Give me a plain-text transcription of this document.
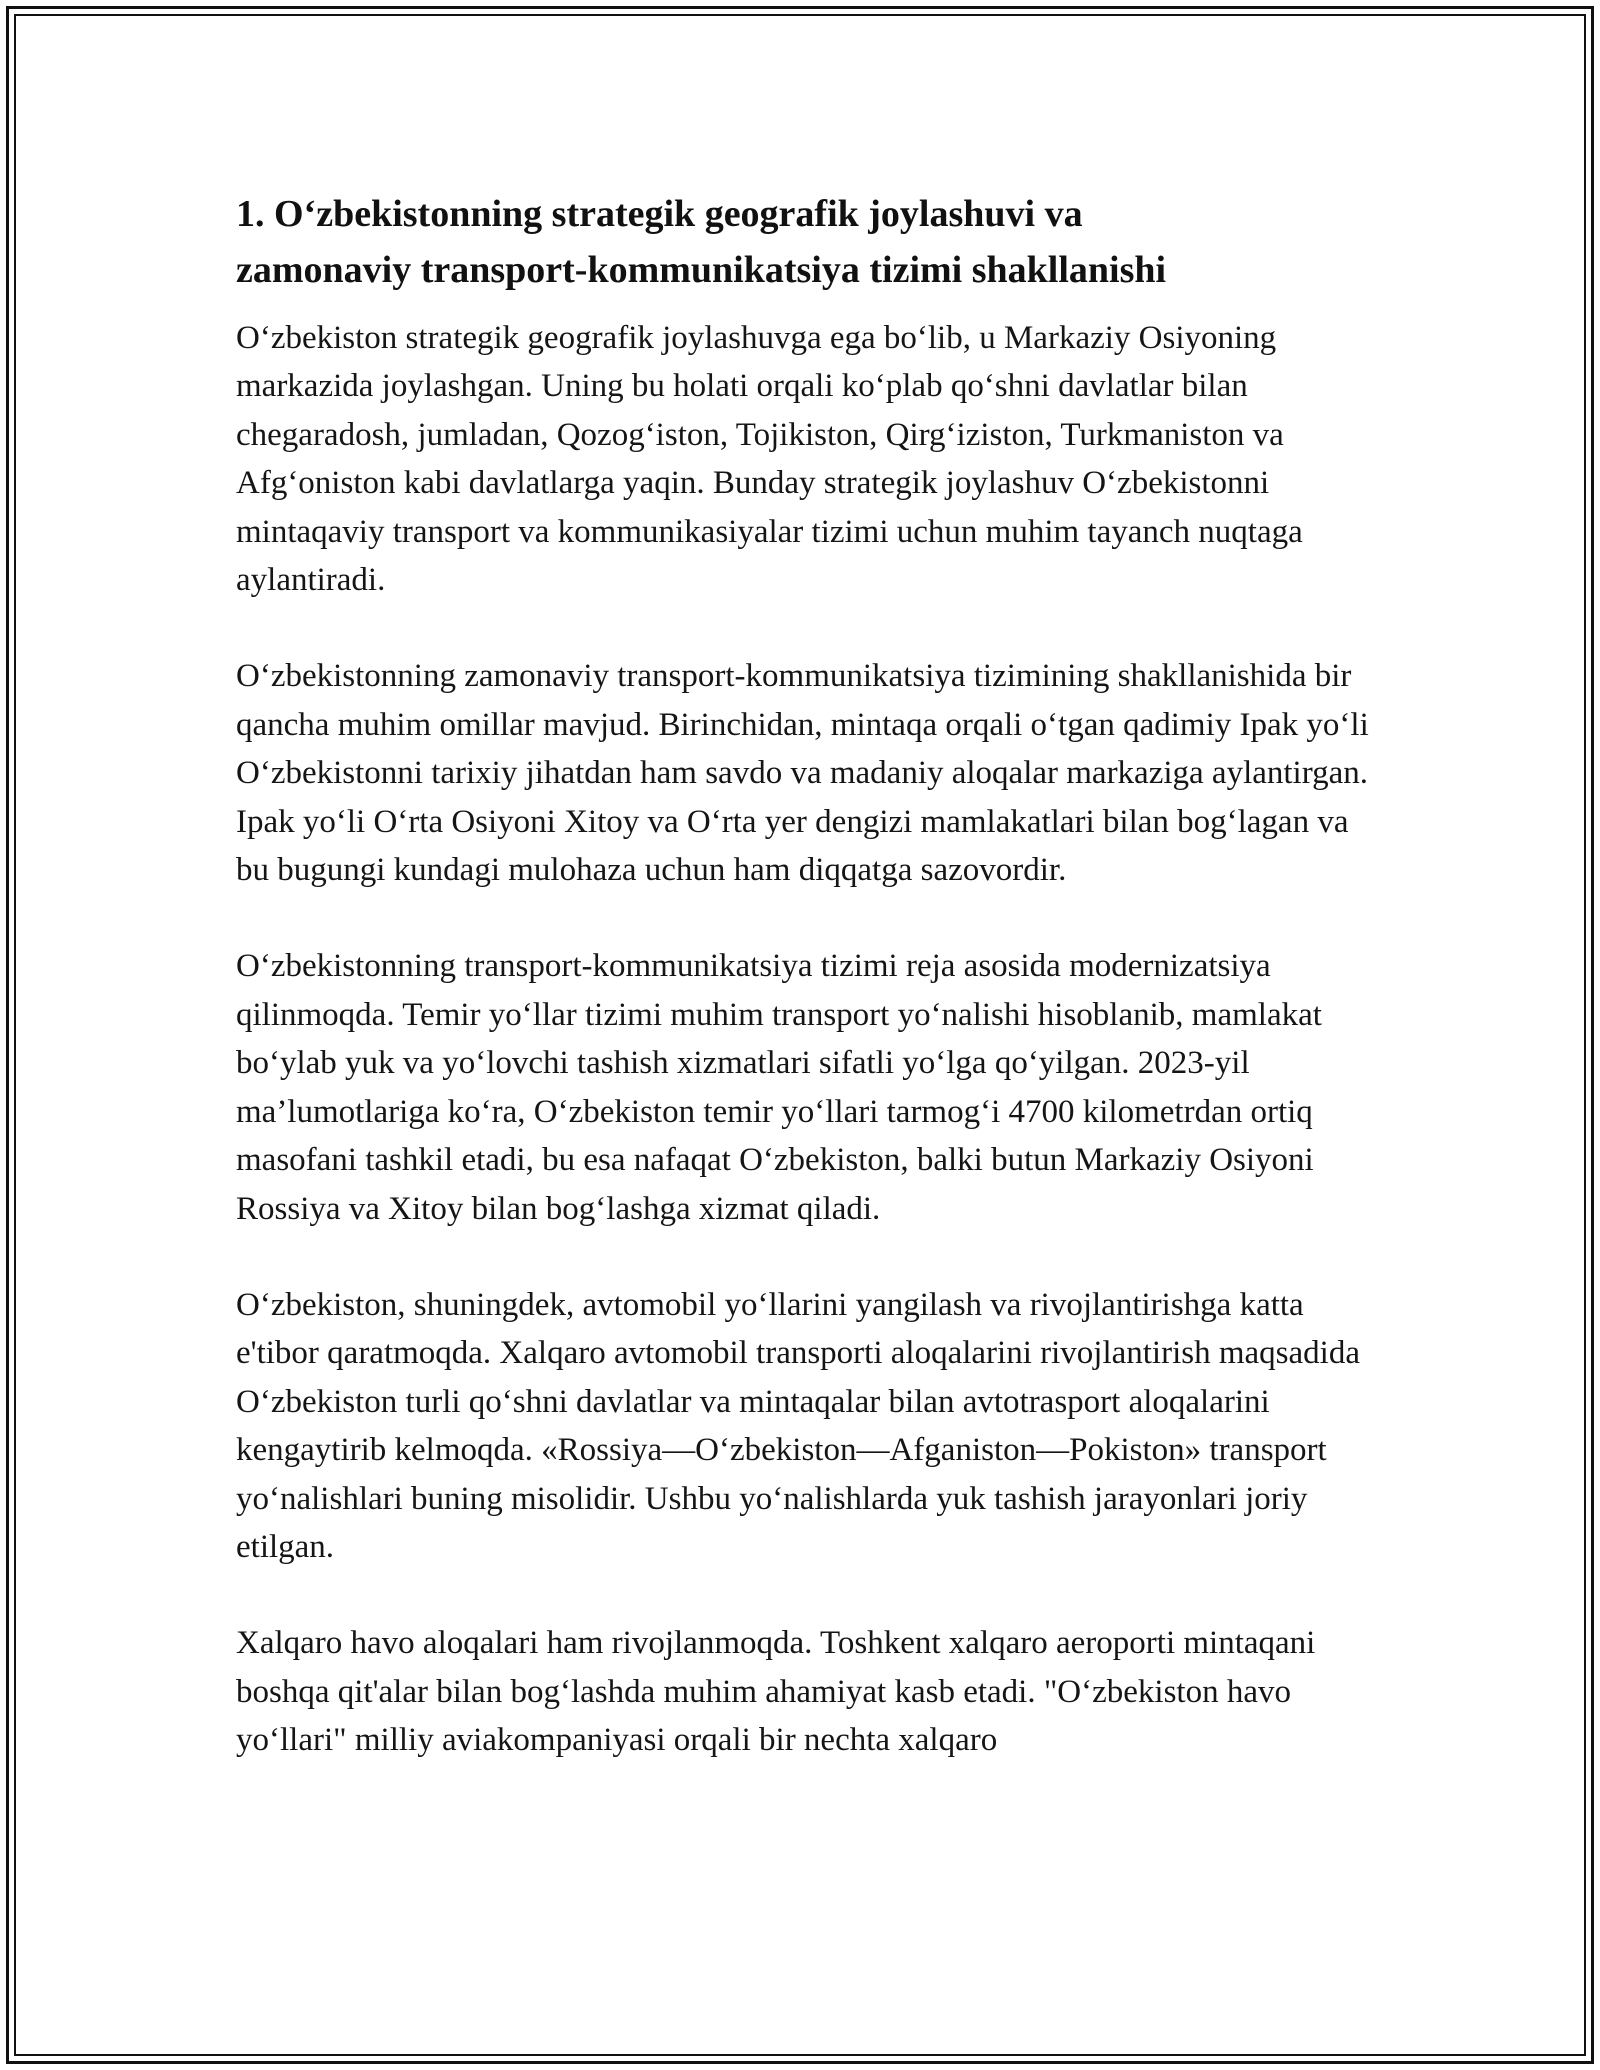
1. O‘zbekistonning strategik geografik joylashuvi va
zamonaviy transport-kommunikatsiya tizimi shakllanishi

O‘zbekiston strategik geografik joylashuvga ega bo‘lib, u Markaziy Osiyoning markazida joylashgan. Uning bu holati orqali ko‘plab qo‘shni davlatlar bilan chegaradosh, jumladan, Qozog‘iston, Tojikiston, Qirg‘iziston, Turkmaniston va Afg‘oniston kabi davlatlarga yaqin. Bunday strategik joylashuv O‘zbekistonni mintaqaviy transport va kommunikasiyalar tizimi uchun muhim tayanch nuqtaga aylantiradi.

O‘zbekistonning zamonaviy transport-kommunikatsiya tizimining shakllanishida bir qancha muhim omillar mavjud. Birinchidan, mintaqa orqali o‘tgan qadimiy Ipak yo‘li O‘zbekistonni tarixiy jihatdan ham savdo va madaniy aloqalar markaziga aylantirgan. Ipak yo‘li O‘rta Osiyoni Xitoy va O‘rta yer dengizi mamlakatlari bilan bog‘lagan va bu bugungi kundagi mulohaza uchun ham diqqatga sazovordir.

O‘zbekistonning transport-kommunikatsiya tizimi reja asosida modernizatsiya qilinmoqda. Temir yo‘llar tizimi muhim transport yo‘nalishi hisoblanib, mamlakat bo‘ylab yuk va yo‘lovchi tashish xizmatlari sifatli yo‘lga qo‘yilgan. 2023-yil ma’lumotlariga ko‘ra, O‘zbekiston temir yo‘llari tarmog‘i 4700 kilometrdan ortiq masofani tashkil etadi, bu esa nafaqat O‘zbekiston, balki butun Markaziy Osiyoni Rossiya va Xitoy bilan bog‘lashga xizmat qiladi.

O‘zbekiston, shuningdek, avtomobil yo‘llarini yangilash va rivojlantirishga katta e'tibor qaratmoqda. Xalqaro avtomobil transporti aloqalarini rivojlantirish maqsadida O‘zbekiston turli qo‘shni davlatlar va mintaqalar bilan avtotrasport aloqalarini kengaytirib kelmoqda. «Rossiya—O‘zbekiston—Afganiston—Pokiston» transport yo‘nalishlari buning misolidir. Ushbu yo‘nalishlarda yuk tashish jarayonlari joriy etilgan.

Xalqaro havo aloqalari ham rivojlanmoqda. Toshkent xalqaro aeroporti mintaqani boshqa qit'alar bilan bog‘lashda muhim ahamiyat kasb etadi. "O‘zbekiston havo yo‘llari" milliy aviakompaniyasi orqali bir nechta xalqaro
